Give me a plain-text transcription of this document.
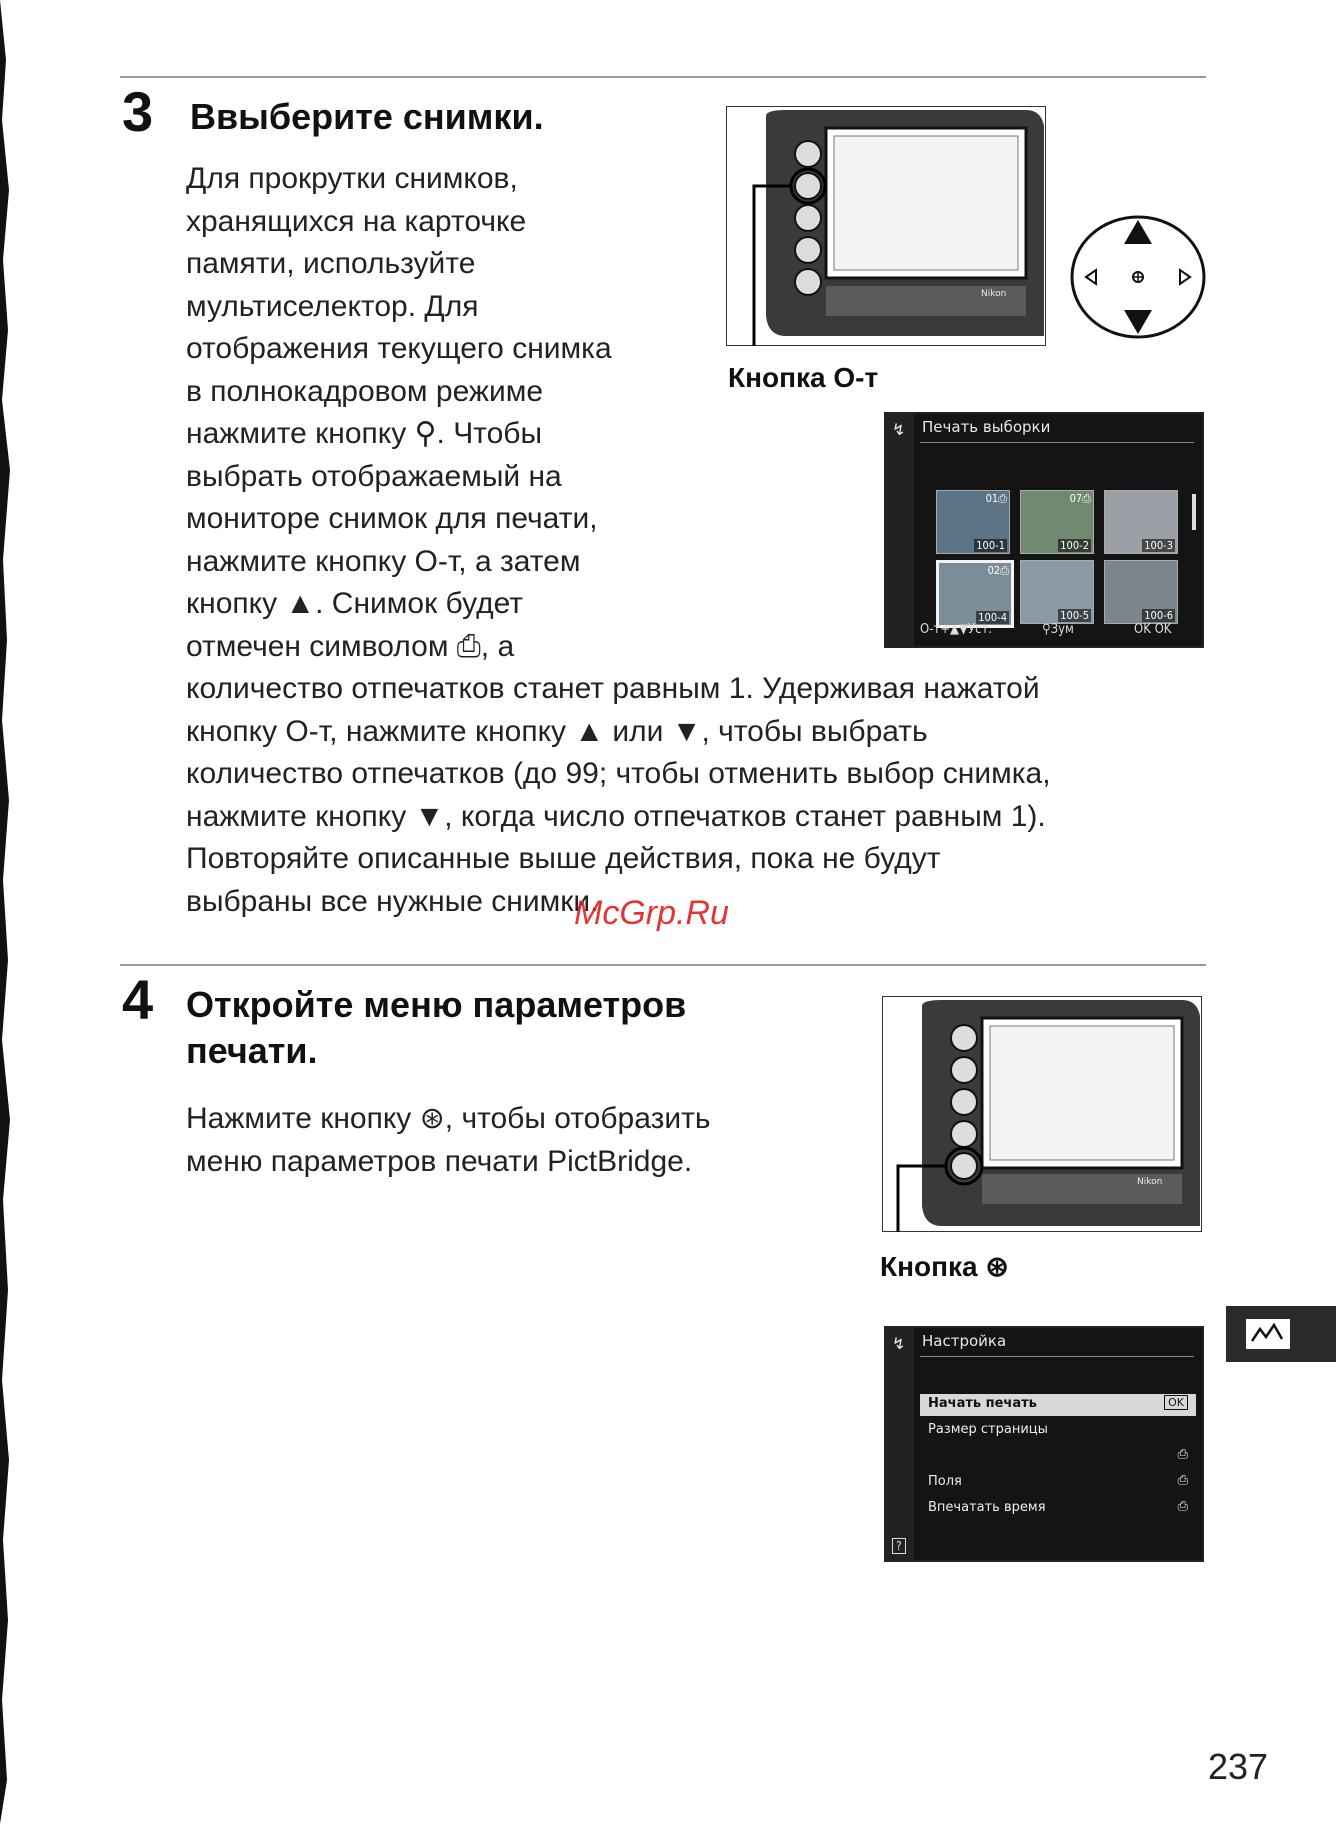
3 Ввыберите снимки.
Для прокрутки снимков,
хранящихся на карточке
памяти, используйте
мультиселектор. Для
отображения текущего снимка
в полнокадровом режиме
нажмите кнопку ⚲. Чтобы
выбрать отображаемый на
мониторе снимок для печати,
нажмите кнопку О‑т, а затем
кнопку ▲. Снимок будет
отмечен символом ⎙, а
количество отпечатков станет равным 1. Удерживая нажатой
кнопку О‑т, нажмите кнопку ▲ или ▼, чтобы выбрать
количество отпечатков (до 99; чтобы отменить выбор снимка,
нажмите кнопку ▼, когда число отпечатков станет равным 1).
Повторяйте описанные выше действия, пока не будут
выбраны все нужные снимки.
McGrp.Ru
Nikon
Кнопка О‑т
↯ Печать выборки
01⎙
100-1
07⎙
100-2	100-3
02⎙
100-4	100-5	100-6
О‑т+▲▼Уст.	⚲Зум	OK OK
4 Откройте меню параметров
печати.
Нажмите кнопку ⊛, чтобы отобразить
меню параметров печати PictBridge.
Nikon
Кнопка ⊛
↯ Настройка
Начать печать	OK
Размер страницы
⎙
Поля	⎙
Впечатать время	⎙
?
237
